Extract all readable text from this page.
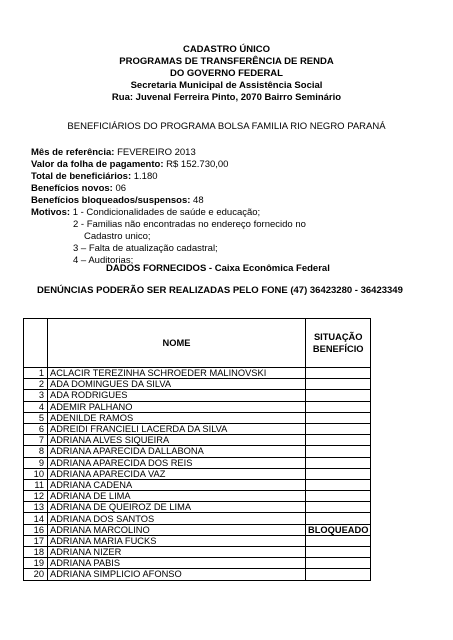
CADASTRO ÚNICO
PROGRAMAS DE TRANSFERÊNCIA DE RENDA
DO GOVERNO FEDERAL
Secretaria Municipal de Assistência Social
Rua: Juvenal Ferreira Pinto, 2070 Bairro Seminário
BENEFICIÁRIOS DO PROGRAMA BOLSA FAMILIA RIO NEGRO PARANÁ
Mês de referência: FEVEREIRO 2013
Valor da folha de pagamento: R$ 152.730,00
Total de beneficiários: 1.180
Benefícios novos: 06
Benefícios bloqueados/suspensos: 48
Motivos: 1 - Condicionalidades de saúde e educação;
2 - Familias não encontradas no endereço fornecido no
Cadastro unico;
3 – Falta de atualização cadastral;
4 – Auditorias;
DADOS FORNECIDOS - Caixa Econômica Federal
DENÚNCIAS PODERÃO SER REALIZADAS PELO FONE (47) 36423280 - 36423349
	NOME	SITUAÇÃO BENEFÍCIO
1	ACLACIR TEREZINHA SCHROEDER MALINOVSKI	
2	ADA DOMINGUES DA SILVA	
3	ADA RODRIGUES	
4	ADEMIR PALHANO	
5	ADENILDE RAMOS	
6	ADREIDI FRANCIELI LACERDA DA SILVA	
7	ADRIANA ALVES SIQUEIRA	
8	ADRIANA APARECIDA DALLABONA	
9	ADRIANA APARECIDA DOS REIS	
10	ADRIANA APARECIDA VAZ	
11	ADRIANA CADENA	
12	ADRIANA DE LIMA	
13	ADRIANA DE QUEIROZ DE LIMA	
14	ADRIANA DOS SANTOS	
16	ADRIANA MARCOLINO	BLOQUEADO
17	ADRIANA MARIA FUCKS	
18	ADRIANA NIZER	
19	ADRIANA PABIS	
20	ADRIANA SIMPLICIO AFONSO	
